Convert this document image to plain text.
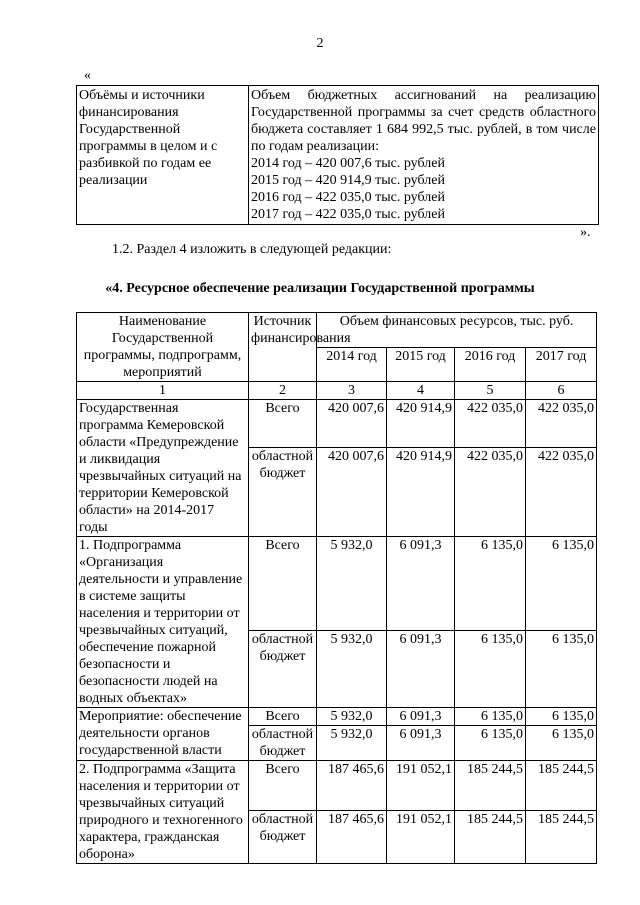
2
«
Объёмы и источники финансирования Государственной программы в целом и с разбивкой по годам ее реализации	
Объем бюджетных ассигнований на реализацию Государственной программы за счет средств областного бюджета составляет 1 684 992,5 тыс. рублей, в том числе по годам реализации:
2014 год – 420 007,6 тыс. рублей
2015 год – 420 914,9 тыс. рублей
2016 год – 422 035,0 тыс. рублей
2017 год – 422 035,0 тыс. рублей
».
1.2. Раздел 4 изложить в следующей редакции:
«4. Ресурсное обеспечение реализации Государственной программы
Наименование Государственной программы, подпрограмм, мероприятий	Источник финансирования	Объем финансовых ресурсов, тыс. руб.			
		2014 год	2015 год	2016 год	2017 год
1	2	3	4	5	6
Государственная программа Кемеровской области «Предупреждение и ликвидация чрезвычайных ситуаций на территории Кемеровской области» на 2014-2017 годы	Всего	420 007,6	420 914,9	422 035,0	422 035,0
	областной бюджет	420 007,6	420 914,9	422 035,0	422 035,0
1. Подпрограмма «Организация деятельности и управление в системе защиты населения и территории от чрезвычайных ситуаций, обеспечение пожарной безопасности и безопасности людей на водных объектах»	Всего	5 932,0	6 091,3	6 135,0	6 135,0
	областной бюджет	5 932,0	6 091,3	6 135,0	6 135,0
Мероприятие: обеспечение деятельности органов государственной власти	Всего	5 932,0	6 091,3	6 135,0	6 135,0
	областной бюджет	5 932,0	6 091,3	6 135,0	6 135,0
2. Подпрограмма «Защита населения и территории от чрезвычайных ситуаций природного и техногенного характера, гражданская оборона»	Всего	187 465,6	191 052,1	185 244,5	185 244,5
	областной бюджет	187 465,6	191 052,1	185 244,5	185 244,5
